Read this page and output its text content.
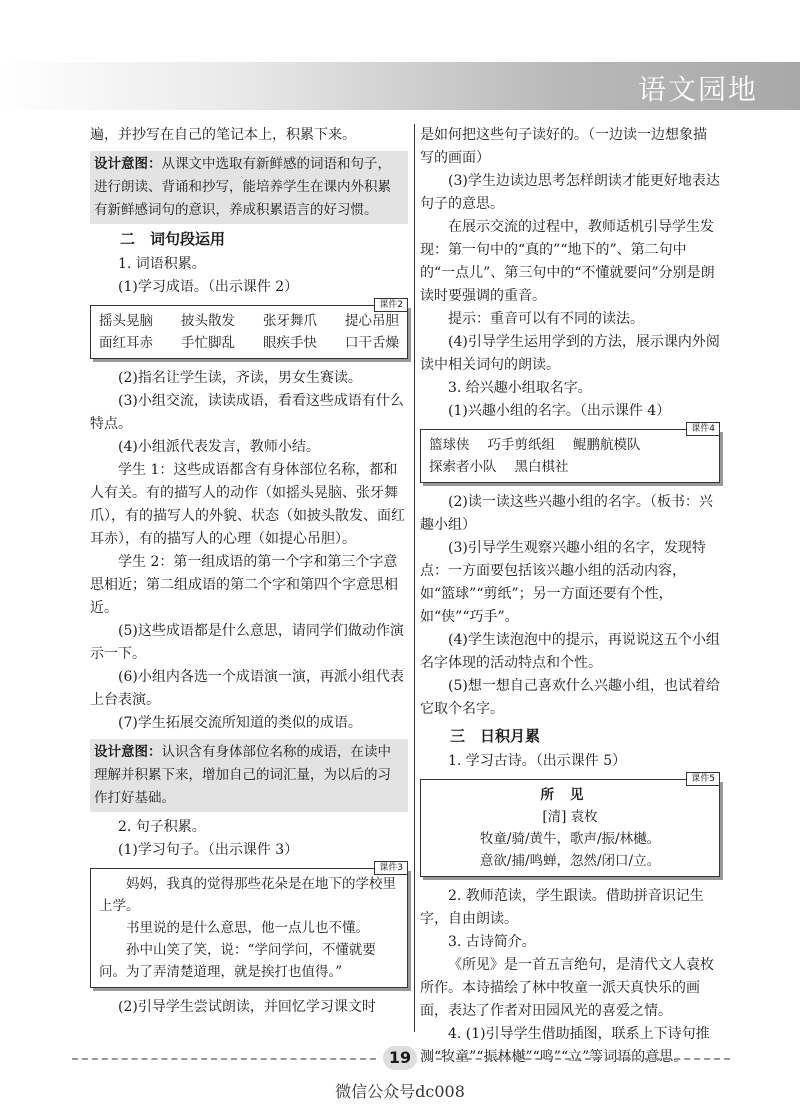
语文园地

遍，并抄写在自己的笔记本上，积累下来。

设计意图：从课文中选取有新鲜感的词语和句子，进行朗读、背诵和抄写，能培养学生在课内外积累有新鲜感词句的意识，养成积累语言的好习惯。
二　词句段运用

1. 词语积累。

(1)学习成语。（出示课件 2）

课件2
摇头晃脑 披头散发 张牙舞爪 提心吊胆
面红耳赤 手忙脚乱 眼疾手快 口干舌燥

(2)指名让学生读，齐读，男女生赛读。

(3)小组交流，读读成语，看看这些成语有什么特点。

(4)小组派代表发言，教师小结。

学生 1：这些成语都含有身体部位名称，都和人有关。有的描写人的动作（如摇头晃脑、张牙舞爪），有的描写人的外貌、状态（如披头散发、面红耳赤），有的描写人的心理（如提心吊胆）。

学生 2：第一组成语的第一个字和第三个字意思相近；第二组成语的第二个字和第四个字意思相近。

(5)这些成语都是什么意思，请同学们做动作演示一下。

(6)小组内各选一个成语演一演，再派小组代表上台表演。

(7)学生拓展交流所知道的类似的成语。

设计意图：认识含有身体部位名称的成语，在读中理解并积累下来，增加自己的词汇量，为以后的习作打好基础。

2. 句子积累。

(1)学习句子。（出示课件 3）

课件3

妈妈，我真的觉得那些花朵是在地下的学校里上学。

书里说的是什么意思，他一点儿也不懂。

孙中山笑了笑，说：“学问学问，不懂就要问。为了弄清楚道理，就是挨打也值得。”

(2)引导学生尝试朗读，并回忆学习课文时

是如何把这些句子读好的。（一边读一边想象描写的画面）

(3)学生边读边思考怎样朗读才能更好地表达句子的意思。

在展示交流的过程中，教师适机引导学生发现：第一句中的“真的”“地下的”、第二句中的“一点儿”、第三句中的“不懂就要问”分别是朗读时要强调的重音。

提示：重音可以有不同的读法。

(4)引导学生运用学到的方法，展示课内外阅读中相关词句的朗读。

3. 给兴趣小组取名字。

(1)兴趣小组的名字。（出示课件 4）

课件4
篮球侠 巧手剪纸组 鲲鹏航模队
探索者小队 黑白棋社

(2)读一读这些兴趣小组的名字。（板书：兴趣小组）

(3)引导学生观察兴趣小组的名字，发现特点：一方面要包括该兴趣小组的活动内容，如“篮球”“剪纸”；另一方面还要有个性，如“侠”“巧手”。

(4)学生读泡泡中的提示，再说说这五个小组名字体现的活动特点和个性。

(5)想一想自己喜欢什么兴趣小组，也试着给它取个名字。

三　日积月累

1. 学习古诗。（出示课件 5）

课件5
所见
[清] 袁枚
牧童/骑/黄牛，歌声/振/林樾。
意欲/捕/鸣蝉，忽然/闭口/立。

2. 教师范读，学生跟读。借助拼音识记生字，自由朗读。

3. 古诗简介。

《所见》是一首五言绝句，是清代文人袁枚所作。本诗描绘了林中牧童一派天真快乐的画面，表达了作者对田园风光的喜爱之情。

4. (1)引导学生借助插图，联系上下诗句推测“牧童”“振林樾”“鸣”“立”等词语的意思。

19
微信公众号dc008
